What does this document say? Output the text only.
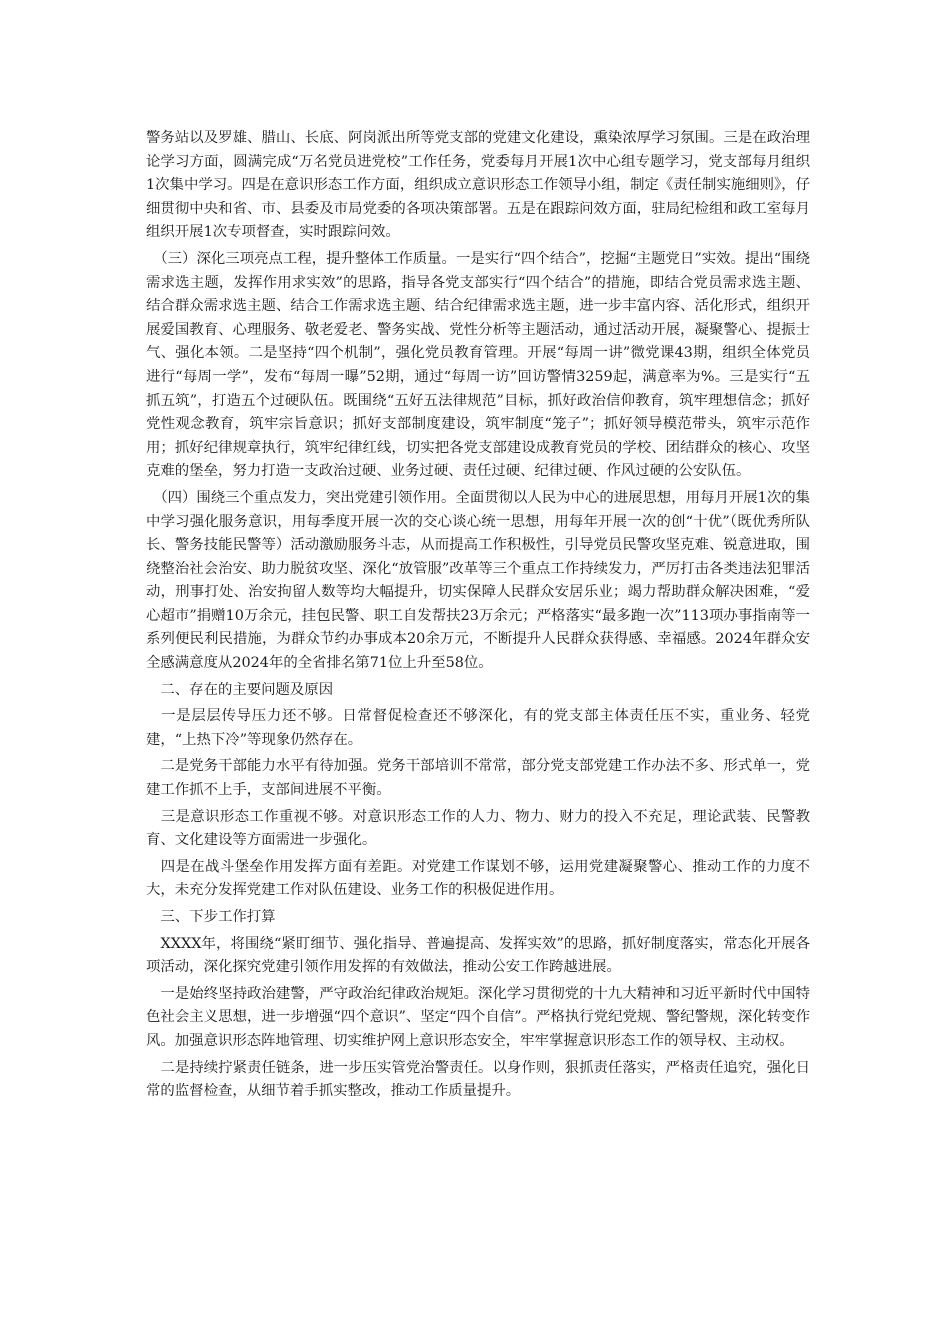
警务站以及罗雄、腊山、长底、阿岗派出所等党支部的党建文化建设，熏染浓厚学习氛围。三是在政治理论学习方面，圆满完成“万名党员进党校”工作任务，党委每月开展1次中心组专题学习，党支部每月组织1次集中学习。四是在意识形态工作方面，组织成立意识形态工作领导小组，制定《责任制实施细则》，仔细贯彻中央和省、市、县委及市局党委的各项决策部署。五是在跟踪问效方面，驻局纪检组和政工室每月组织开展1次专项督查，实时跟踪问效。

　（三）深化三项亮点工程，提升整体工作质量。一是实行“四个结合”，挖掘“主题党日”实效。提出“围绕需求选主题，发挥作用求实效”的思路，指导各党支部实行“四个结合”的措施，即结合党员需求选主题、结合群众需求选主题、结合工作需求选主题、结合纪律需求选主题，进一步丰富内容、活化形式，组织开展爱国教育、心理服务、敬老爱老、警务实战、党性分析等主题活动，通过活动开展，凝聚警心、提振士气、强化本领。二是坚持“四个机制”，强化党员教育管理。开展“每周一讲”微党课43期，组织全体党员进行“每周一学”，发布“每周一曝”52期，通过“每周一访”回访警情3259起，满意率为%。三是实行“五抓五筑”，打造五个过硬队伍。既围绕“五好五法律规范”目标，抓好政治信仰教育，筑牢理想信念；抓好党性观念教育，筑牢宗旨意识；抓好支部制度建设，筑牢制度“笼子”；抓好领导模范带头，筑牢示范作用；抓好纪律规章执行，筑牢纪律红线，切实把各党支部建设成教育党员的学校、团结群众的核心、攻坚克难的堡垒，努力打造一支政治过硬、业务过硬、责任过硬、纪律过硬、作风过硬的公安队伍。

　（四）围绕三个重点发力，突出党建引领作用。全面贯彻以人民为中心的进展思想，用每月开展1次的集中学习强化服务意识，用每季度开展一次的交心谈心统一思想，用每年开展一次的创“十优”（既优秀所队长、警务技能民警等）活动激励服务斗志，从而提高工作积极性，引导党员民警攻坚克难、锐意进取，围绕整治社会治安、助力脱贫攻坚、深化“放管服”改革等三个重点工作持续发力，严厉打击各类违法犯罪活动，刑事打处、治安拘留人数等均大幅提升，切实保障人民群众安居乐业；竭力帮助群众解决困难，“爱心超市”捐赠10万余元，挂包民警、职工自发帮扶23万余元；严格落实“最多跑一次”113项办事指南等一系列便民利民措施，为群众节约办事成本20余万元，不断提升人民群众获得感、幸福感。2024年群众安全感满意度从2024年的全省排名第71位上升至58位。

　二、存在的主要问题及原因

　一是层层传导压力还不够。日常督促检查还不够深化，有的党支部主体责任压不实，重业务、轻党建，“上热下冷”等现象仍然存在。

　二是党务干部能力水平有待加强。党务干部培训不常常，部分党支部党建工作办法不多、形式单一，党建工作抓不上手，支部间进展不平衡。

　三是意识形态工作重视不够。对意识形态工作的人力、物力、财力的投入不充足，理论武装、民警教育、文化建设等方面需进一步强化。

　四是在战斗堡垒作用发挥方面有差距。对党建工作谋划不够，运用党建凝聚警心、推动工作的力度不大，未充分发挥党建工作对队伍建设、业务工作的积极促进作用。

　三、下步工作打算

　XXXX年，将围绕“紧盯细节、强化指导、普遍提高、发挥实效”的思路，抓好制度落实，常态化开展各项活动，深化探究党建引领作用发挥的有效做法，推动公安工作跨越进展。

　一是始终坚持政治建警，严守政治纪律政治规矩。深化学习贯彻党的十九大精神和习近平新时代中国特色社会主义思想，进一步增强“四个意识”、坚定“四个自信”。严格执行党纪党规、警纪警规，深化转变作风。加强意识形态阵地管理、切实维护网上意识形态安全，牢牢掌握意识形态工作的领导权、主动权。

　二是持续拧紧责任链条，进一步压实管党治警责任。以身作则，狠抓责任落实，严格责任追究，强化日常的监督检查，从细节着手抓实整改，推动工作质量提升。
